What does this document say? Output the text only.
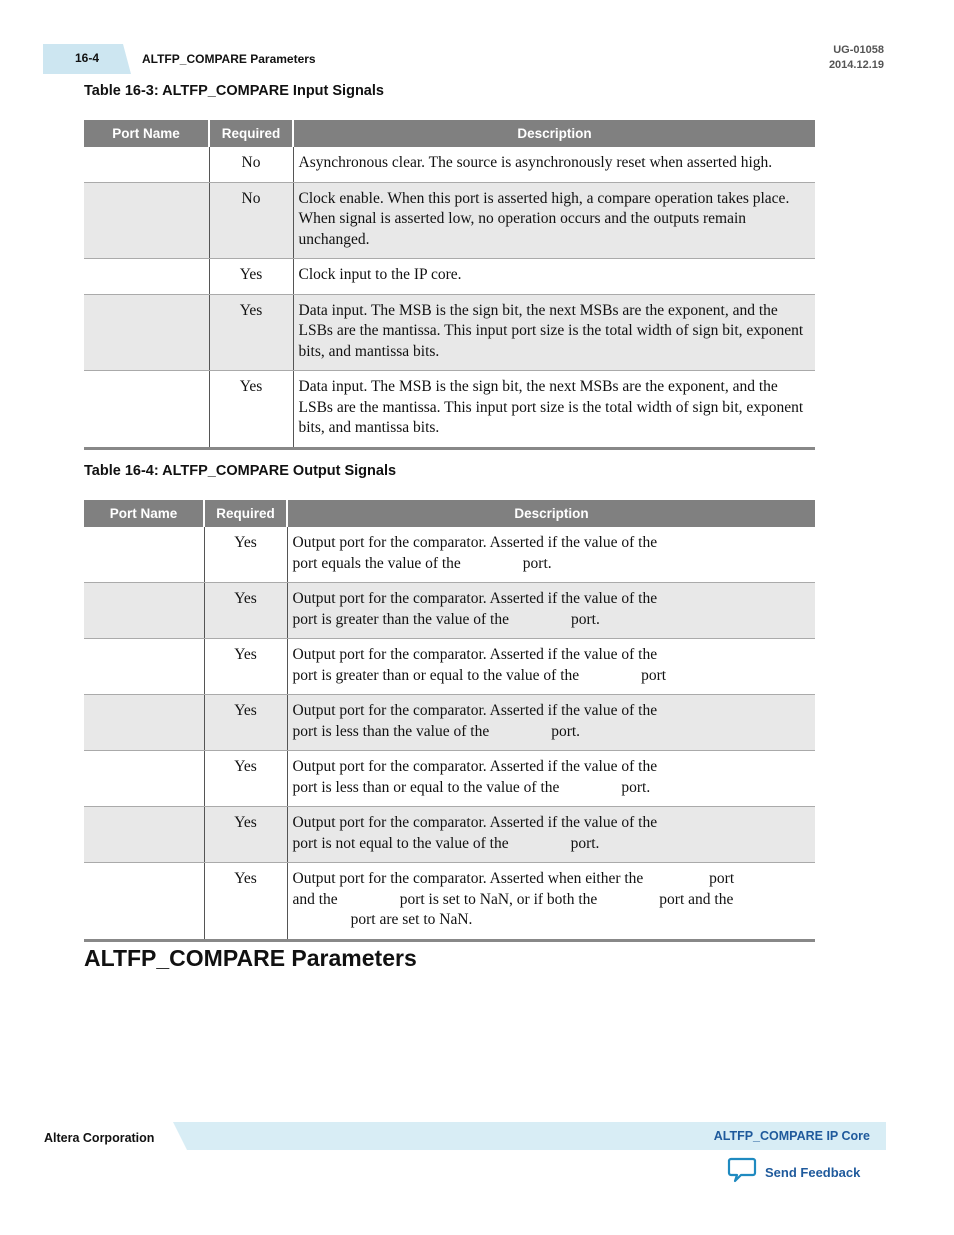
16-4	ALTFP_COMPARE Parameters
UG-01058
2014.12.19
Table 16-3: ALTFP_COMPARE Input Signals
Port Name	Required	Description
	No	Asynchronous clear. The source is asynchronously reset when asserted high.
	No	Clock enable. When this port is asserted high, a compare operation takes place. When signal is asserted low, no operation occurs and the outputs remain unchanged.
	Yes	Clock input to the IP core.
	Yes	Data input. The MSB is the sign bit, the next MSBs are the exponent, and the LSBs are the mantissa. This input port size is the total width of sign bit, exponent bits, and mantissa bits.
	Yes	Data input. The MSB is the sign bit, the next MSBs are the exponent, and the LSBs are the mantissa. This input port size is the total width of sign bit, exponent bits, and mantissa bits.
Table 16-4: ALTFP_COMPARE Output Signals
Port Name	Required	Description
	Yes	Output port for the comparator. Asserted if the value of the
port equals the value of the                port.

	Yes	Output port for the comparator. Asserted if the value of the
port is greater than the value of the                port.

	Yes	Output port for the comparator. Asserted if the value of the
port is greater than or equal to the value of the                port

	Yes	Output port for the comparator. Asserted if the value of the
port is less than the value of the                port.

	Yes	Output port for the comparator. Asserted if the value of the
port is less than or equal to the value of the                port.

	Yes	Output port for the comparator. Asserted if the value of the
port is not equal to the value of the                port.

	Yes	Output port for the comparator. Asserted when either the                 port
and the                port is set to NaN, or if both the                port and the
port are set to NaN.
ALTFP_COMPARE Parameters
Altera Corporation	ALTFP_COMPARE IP Core
Send Feedback
